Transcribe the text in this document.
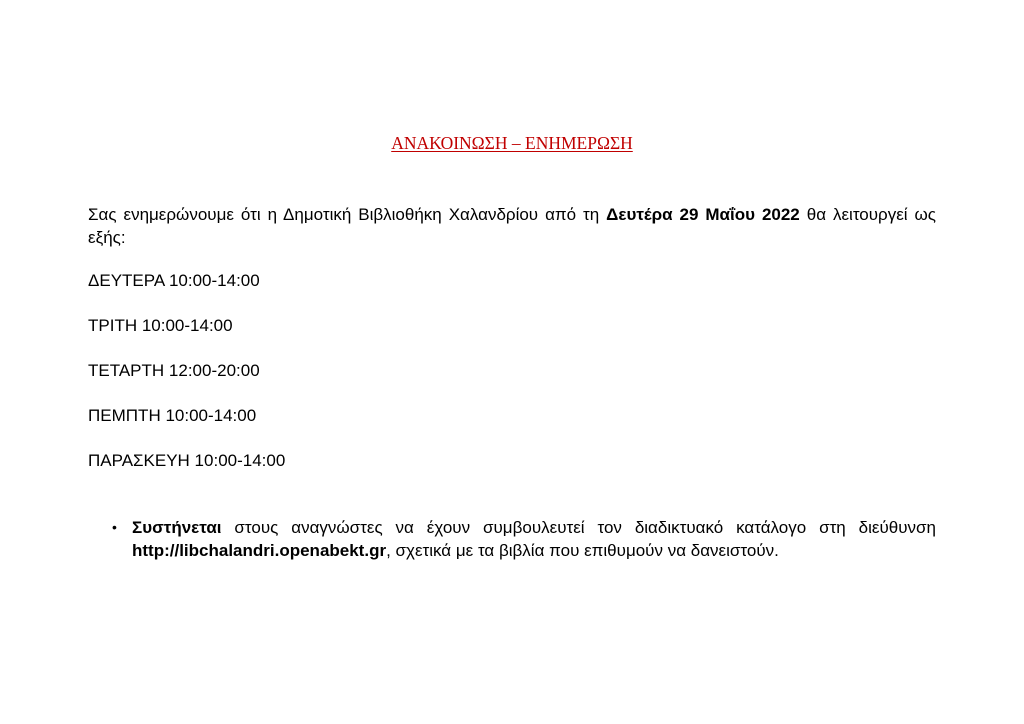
ΑΝΑΚΟΙΝΩΣΗ – ΕΝΗΜΕΡΩΣΗ
Σας ενημερώνουμε ότι η Δημοτική Βιβλιοθήκη Χαλανδρίου από τη Δευτέρα 29 Μαΐου 2022 θα λειτουργεί ως εξής:
ΔΕΥΤΕΡΑ 10:00-14:00
ΤΡΙΤΗ 10:00-14:00
ΤΕΤΑΡΤΗ 12:00-20:00
ΠΕΜΠΤΗ 10:00-14:00
ΠΑΡΑΣΚΕΥΗ 10:00-14:00
• Συστήνεται στους αναγνώστες να έχουν συμβουλευτεί τον διαδικτυακό κατάλογο στη διεύθυνση http://libchalandri.openabekt.gr, σχετικά με τα βιβλία που επιθυμούν να δανειστούν.
